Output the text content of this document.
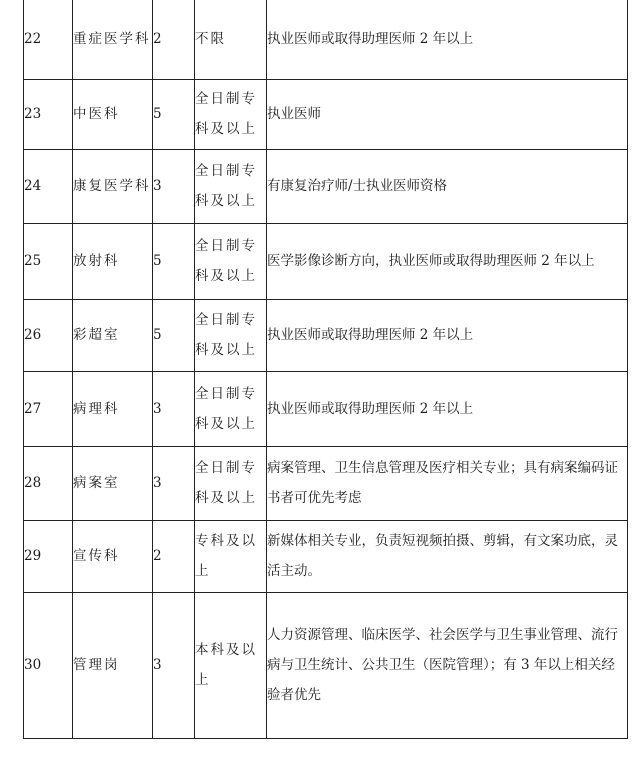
22	重症医学科	2	不限	执业医师或取得助理医师 2 年以上
23	中医科	5	全日制专科及以上	执业医师
24	康复医学科	3	全日制专科及以上	有康复治疗师/士执业医师资格
25	放射科	5	全日制专科及以上	医学影像诊断方向，执业医师或取得助理医师 2 年以上
26	彩超室	5	全日制专科及以上	执业医师或取得助理医师 2 年以上
27	病理科	3	全日制专科及以上	执业医师或取得助理医师 2 年以上
28	病案室	3	全日制专科及以上	病案管理、卫生信息管理及医疗相关专业；具有病案编码证书者可优先考虑
29	宣传科	2	专科及以上	新媒体相关专业，负责短视频拍摄、剪辑，有文案功底，灵活主动。
30	管理岗	3	本科及以上	人力资源管理、临床医学、社会医学与卫生事业管理、流行病与卫生统计、公共卫生（医院管理）；有 3 年以上相关经验者优先
